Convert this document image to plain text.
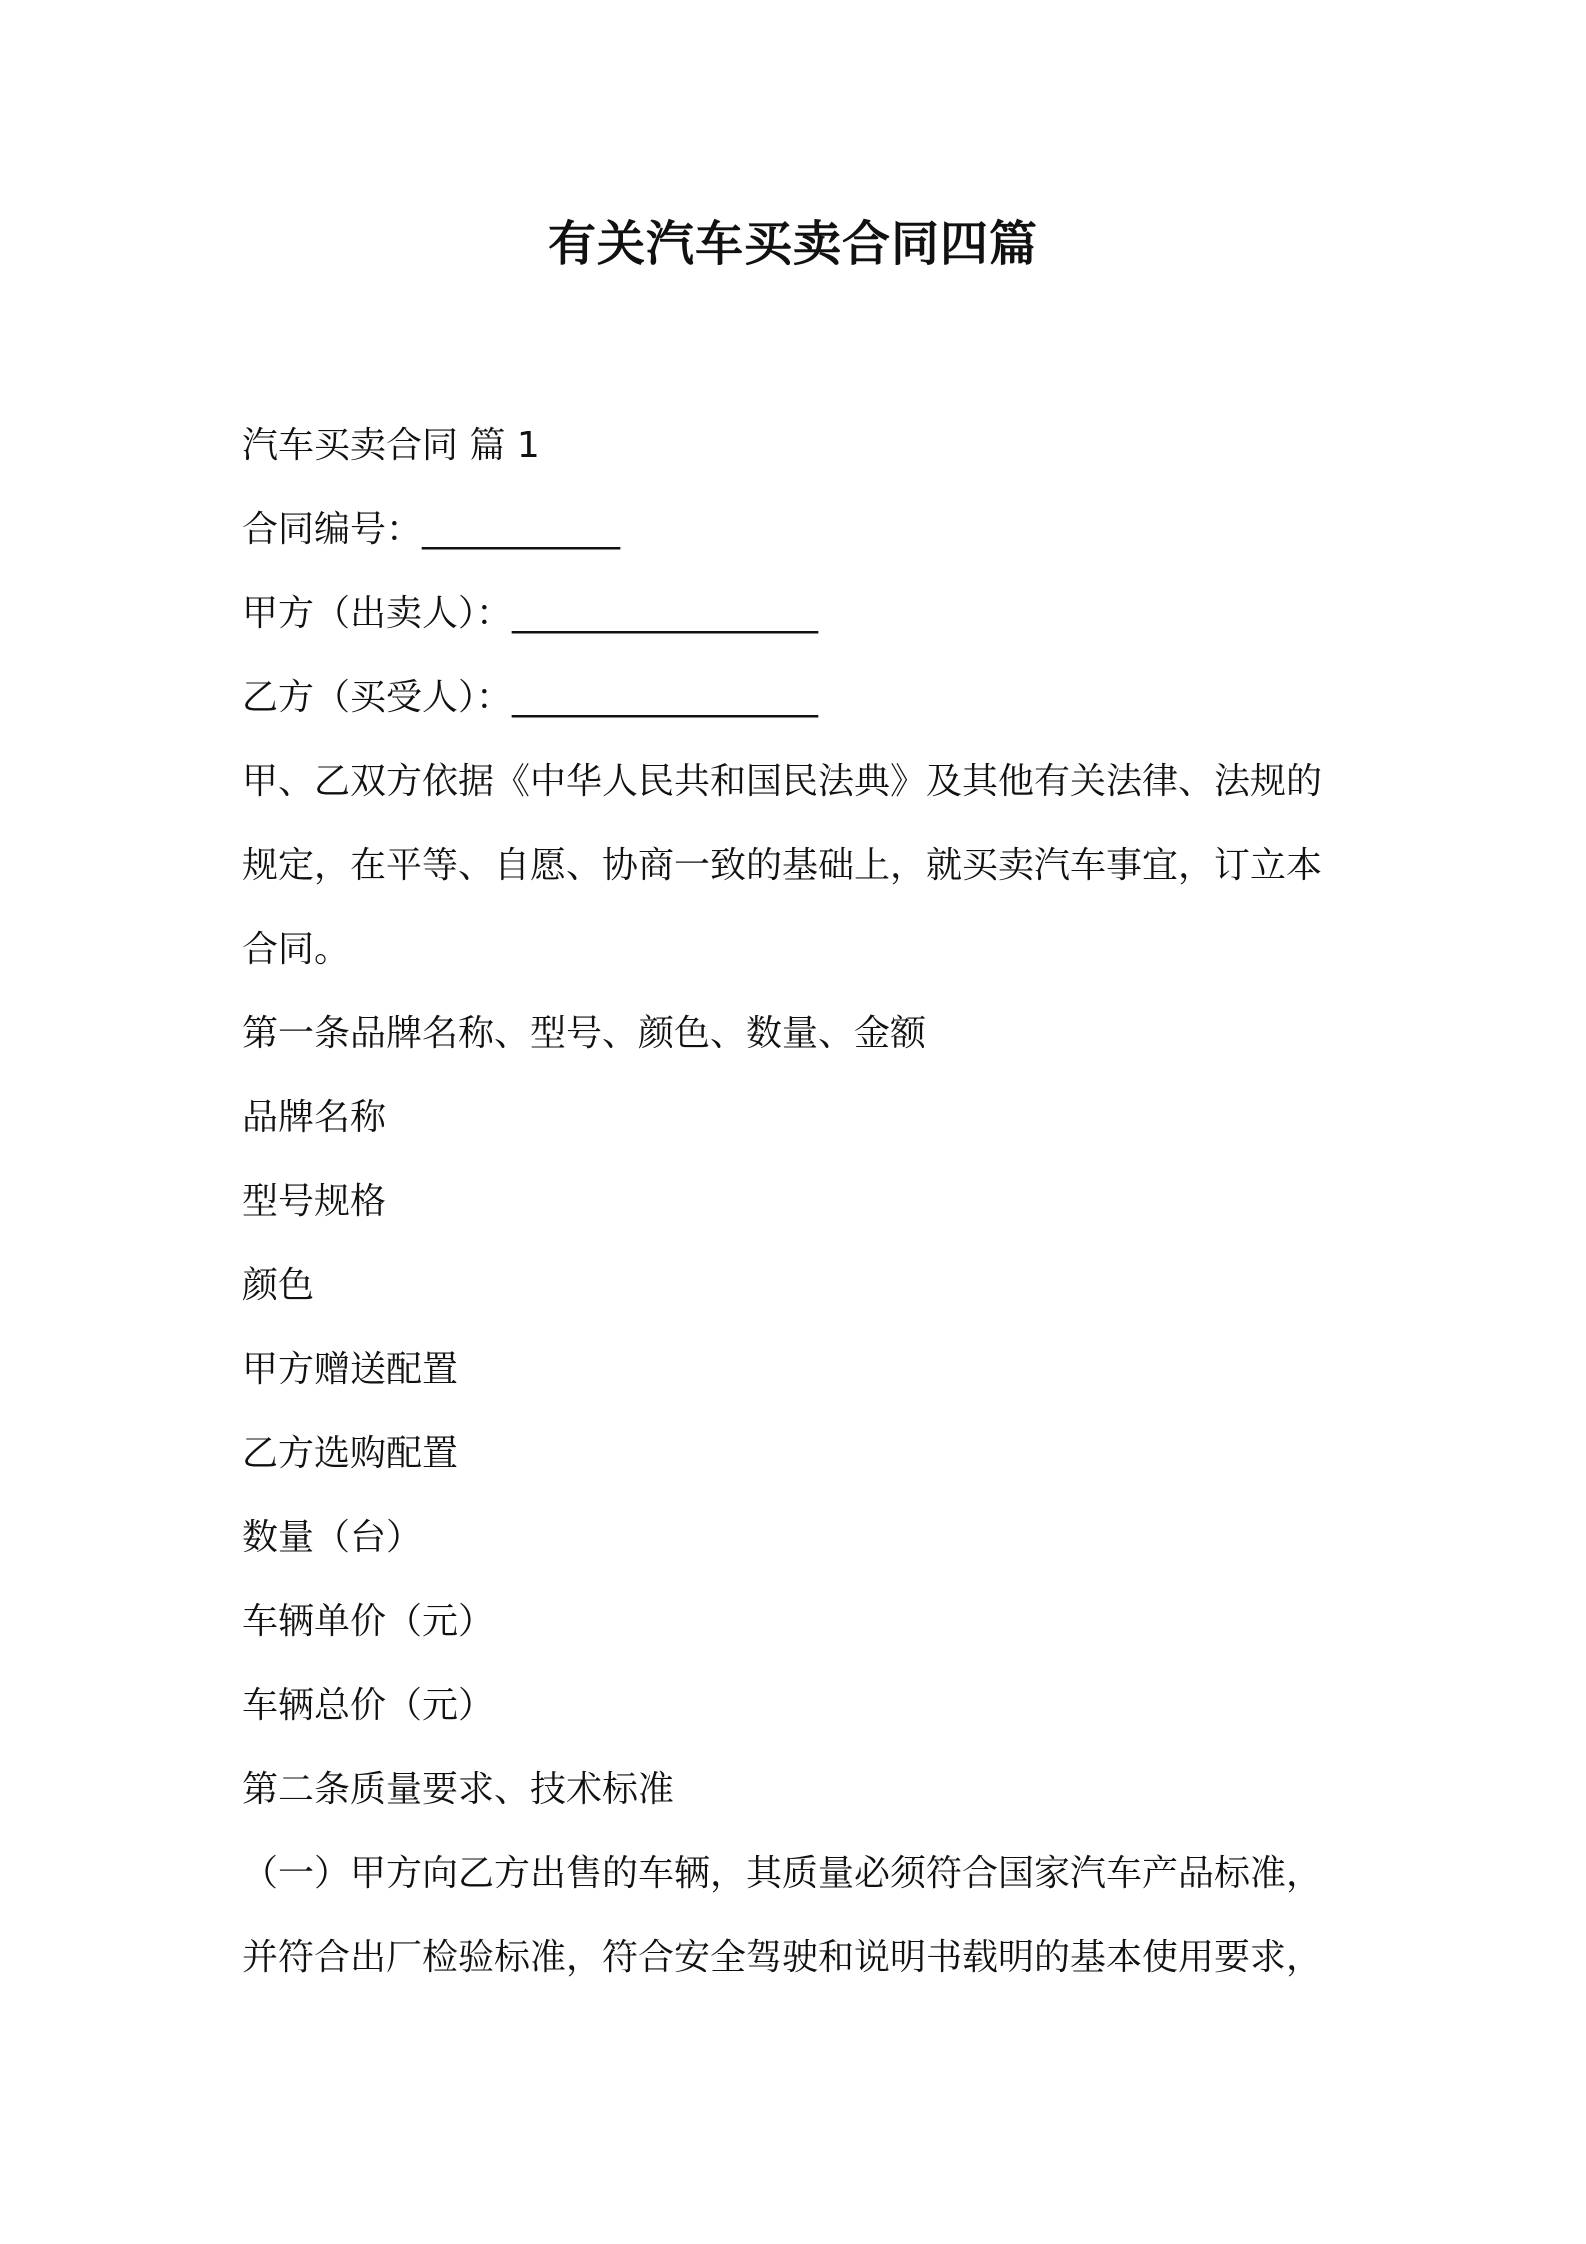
有关汽车买卖合同四篇

汽车买卖合同 篇 1

合同编号：___________

甲方（出卖人）：_________________

乙方（买受人）：_________________

甲、乙双方依据《中华人民共和国民法典》及其他有关法律、法规的

规定，在平等、自愿、协商一致的基础上，就买卖汽车事宜，订立本

合同。

第一条品牌名称、型号、颜色、数量、金额

品牌名称

型号规格

颜色

甲方赠送配置

乙方选购配置

数量（台）

车辆单价（元）

车辆总价（元）

第二条质量要求、技术标准

（一）甲方向乙方出售的车辆，其质量必须符合国家汽车产品标准，

并符合出厂检验标准，符合安全驾驶和说明书载明的基本使用要求，
